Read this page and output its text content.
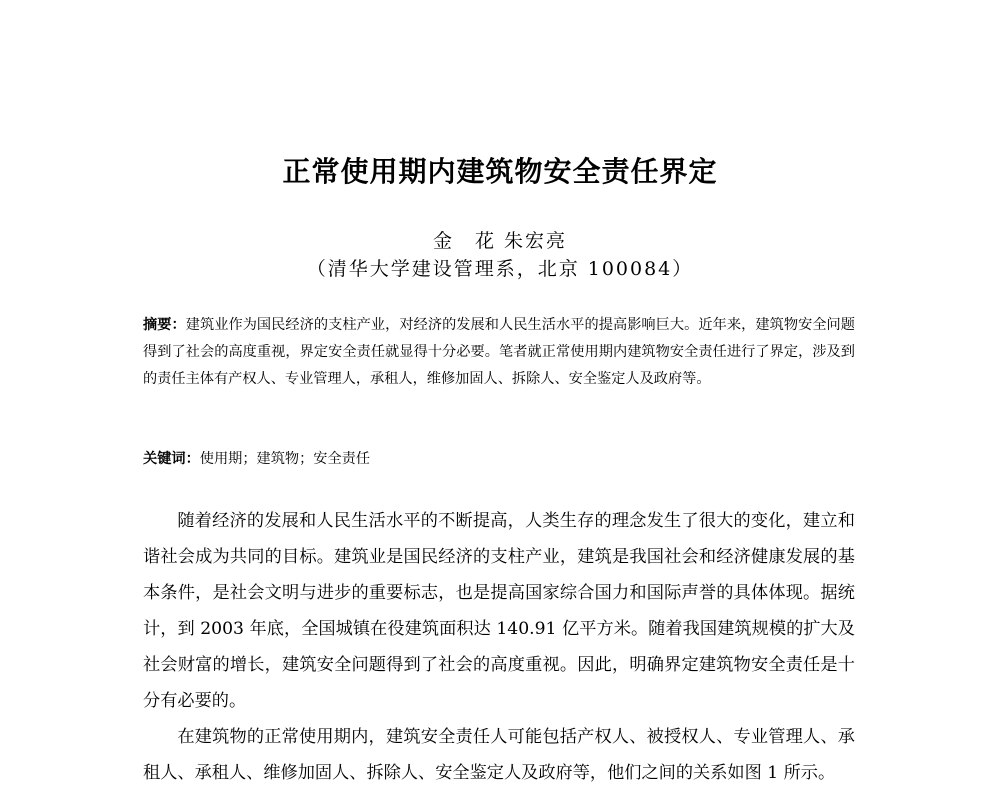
正常使用期内建筑物安全责任界定
金　花 朱宏亮
（清华大学建设管理系，北京 100084）
摘要：建筑业作为国民经济的支柱产业，对经济的发展和人民生活水平的提高影响巨大。近年来，建筑物安全问题得到了社会的高度重视，界定安全责任就显得十分必要。笔者就正常使用期内建筑物安全责任进行了界定，涉及到的责任主体有产权人、专业管理人，承租人，维修加固人、拆除人、安全鉴定人及政府等。
关键词：使用期；建筑物；安全责任

随着经济的发展和人民生活水平的不断提高，人类生存的理念发生了很大的变化，建立和谐社会成为共同的目标。建筑业是国民经济的支柱产业，建筑是我国社会和经济健康发展的基本条件，是社会文明与进步的重要标志，也是提高国家综合国力和国际声誉的具体体现。据统计，到 2003 年底，全国城镇在役建筑面积达 140.91 亿平方米。随着我国建筑规模的扩大及社会财富的增长，建筑安全问题得到了社会的高度重视。因此，明确界定建筑物安全责任是十分有必要的。

在建筑物的正常使用期内，建筑安全责任人可能包括产权人、被授权人、专业管理人、承租人、承租人、维修加固人、拆除人、安全鉴定人及政府等，他们之间的关系如图 1 所示。
